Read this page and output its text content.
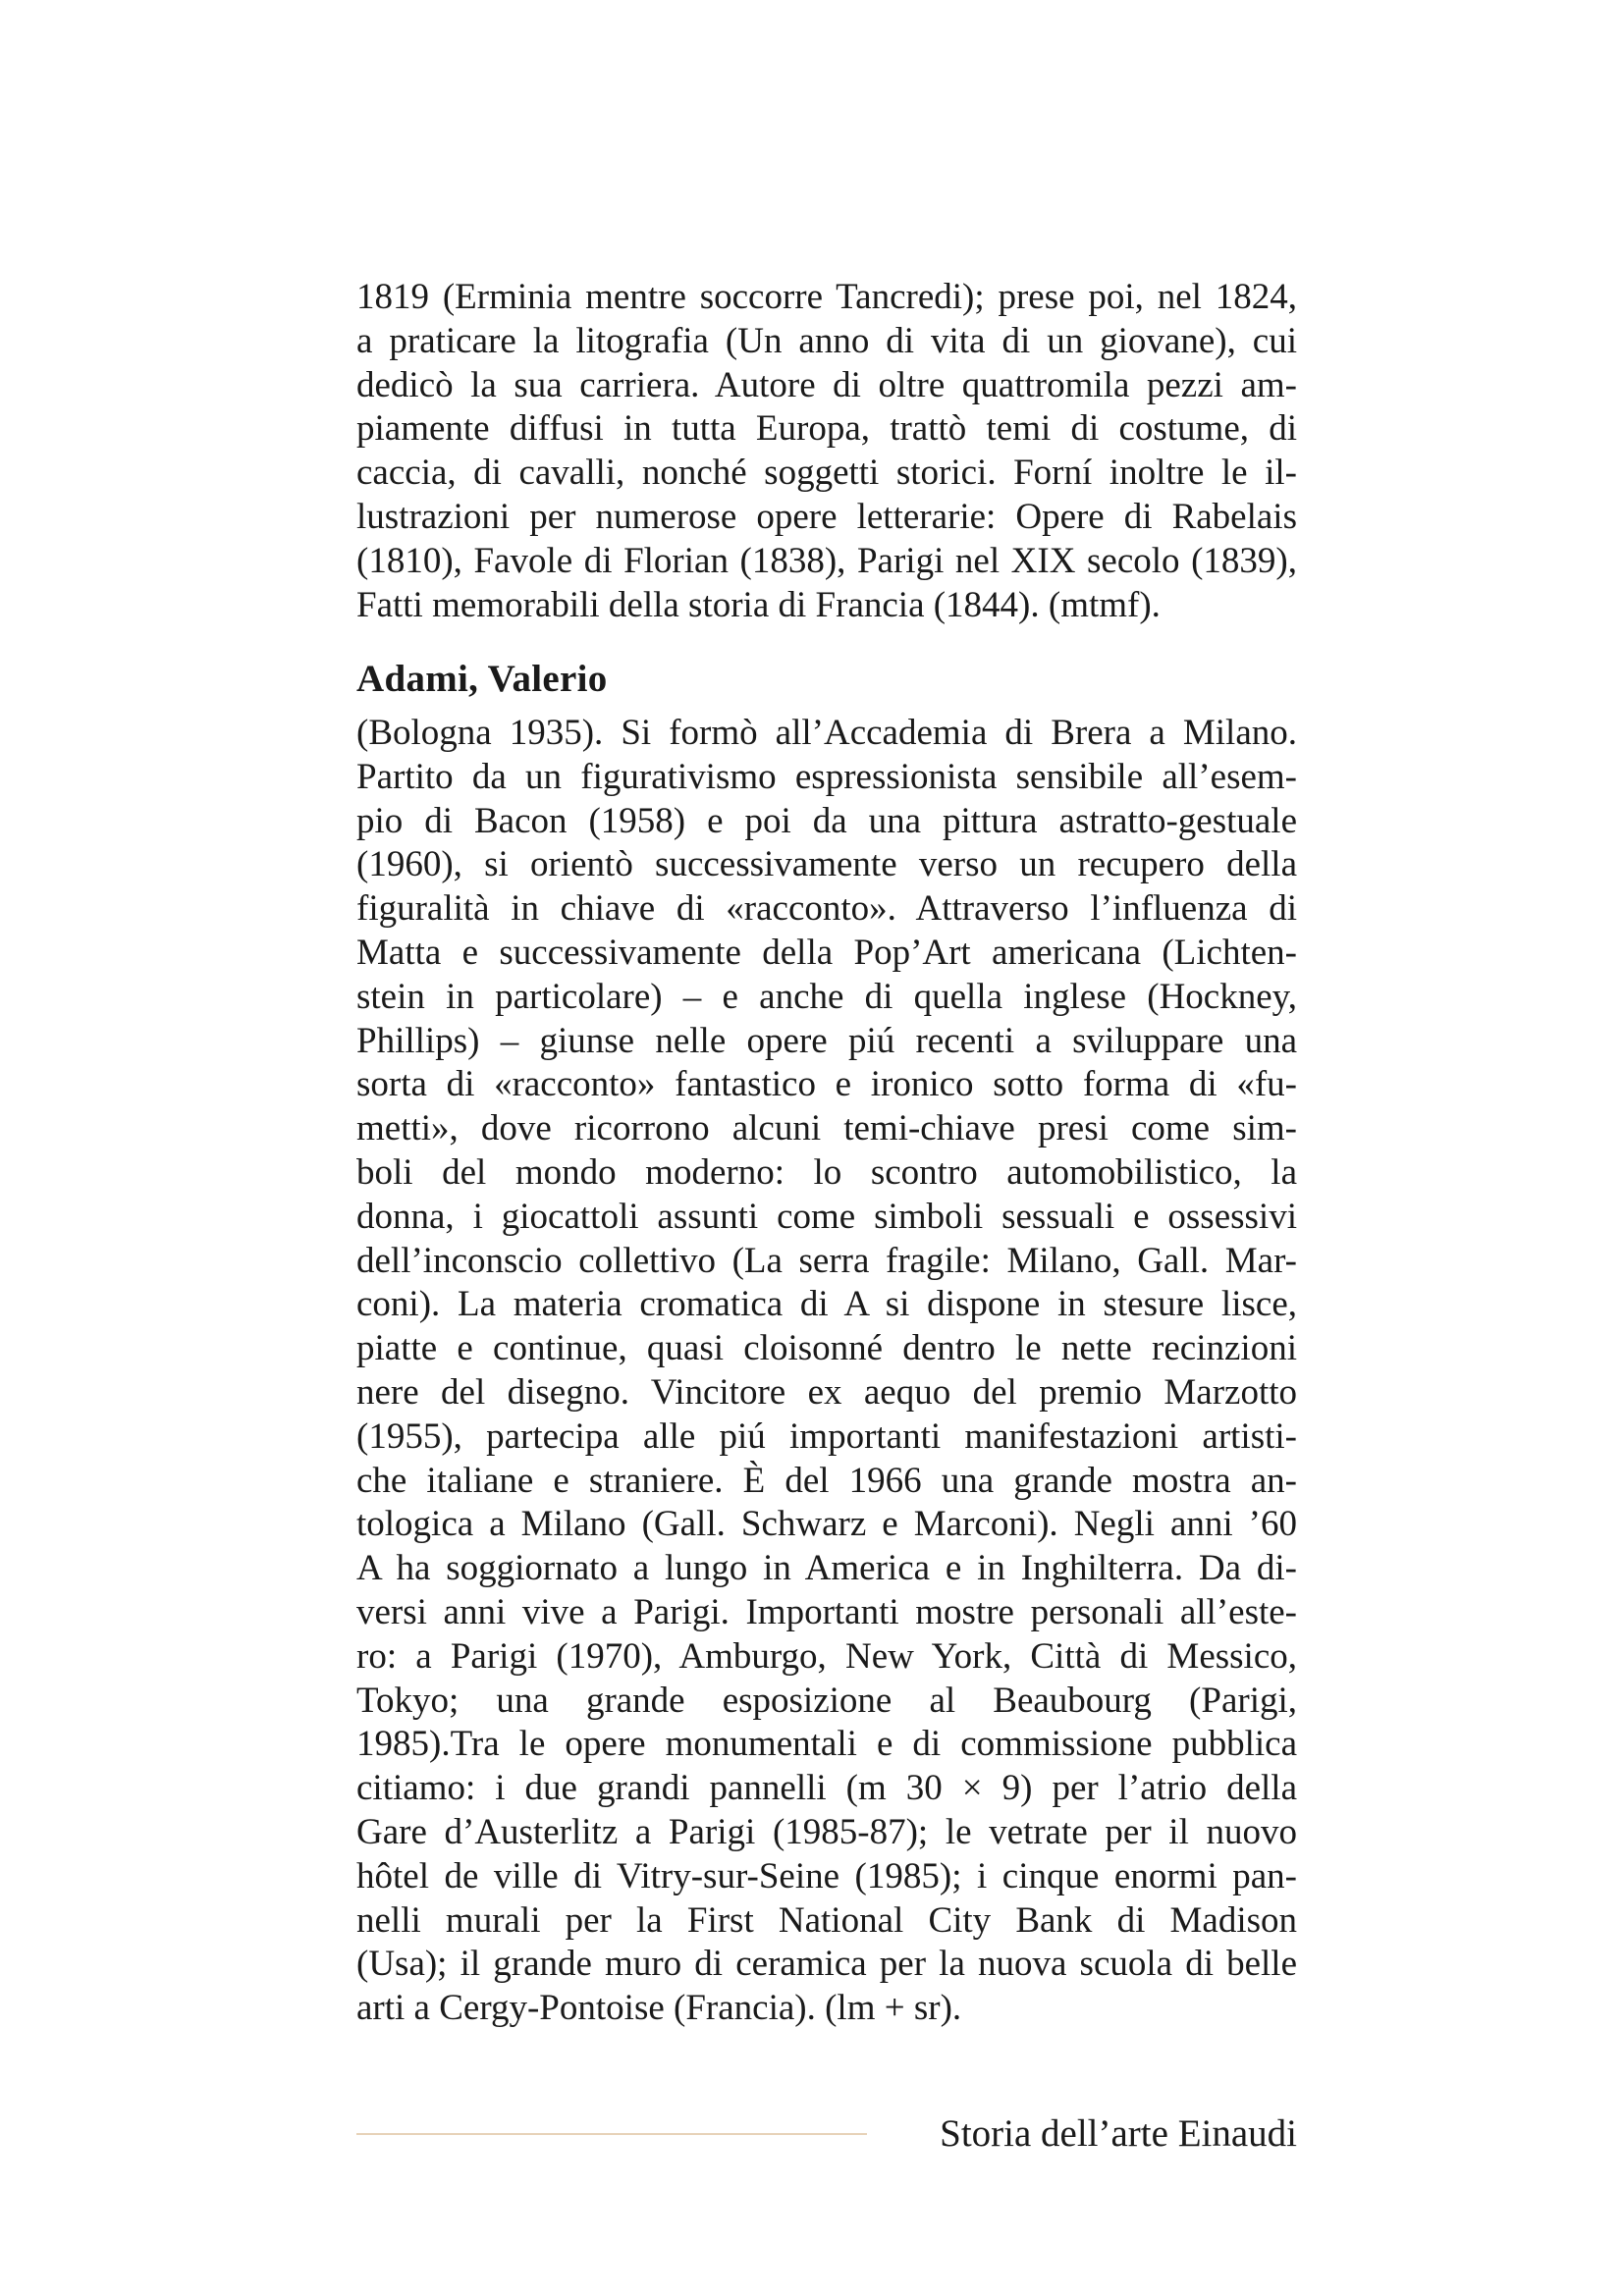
1819 (Erminia mentre soccorre Tancredi); prese poi, nel 1824,
a praticare la litografia (Un anno di vita di un giovane), cui
dedicò la sua carriera. Autore di oltre quattromila pezzi am-
piamente diffusi in tutta Europa, trattò temi di costume, di
caccia, di cavalli, nonché soggetti storici. Forní inoltre le il-
lustrazioni per numerose opere letterarie: Opere di Rabelais
(1810), Favole di Florian (1838), Parigi nel XIX secolo (1839),
Fatti memorabili della storia di Francia (1844). (mtmf).
Adami, Valerio
(Bologna 1935). Si formò all’Accademia di Brera a Milano.
Partito da un figurativismo espressionista sensibile all’esem-
pio di Bacon (1958) e poi da una pittura astratto-gestuale
(1960), si orientò successivamente verso un recupero della
figuralità in chiave di «racconto». Attraverso l’influenza di
Matta e successivamente della Pop’Art americana (Lichten-
stein in particolare) – e anche di quella inglese (Hockney,
Phillips) – giunse nelle opere piú recenti a sviluppare una
sorta di «racconto» fantastico e ironico sotto forma di «fu-
metti», dove ricorrono alcuni temi-chiave presi come sim-
boli del mondo moderno: lo scontro automobilistico, la
donna, i giocattoli assunti come simboli sessuali e ossessivi
dell’inconscio collettivo (La serra fragile: Milano, Gall. Mar-
coni). La materia cromatica di A si dispone in stesure lisce,
piatte e continue, quasi cloisonné dentro le nette recinzioni
nere del disegno. Vincitore ex aequo del premio Marzotto
(1955), partecipa alle piú importanti manifestazioni artisti-
che italiane e straniere. È del 1966 una grande mostra an-
tologica a Milano (Gall. Schwarz e Marconi). Negli anni ’60
A ha soggiornato a lungo in America e in Inghilterra. Da di-
versi anni vive a Parigi. Importanti mostre personali all’este-
ro: a Parigi (1970), Amburgo, New York, Città di Messico,
Tokyo; una grande esposizione al Beaubourg (Parigi,
1985).Tra le opere monumentali e di commissione pubblica
citiamo: i due grandi pannelli (m 30 × 9) per l’atrio della
Gare d’Austerlitz a Parigi (1985-87); le vetrate per il nuovo
hôtel de ville di Vitry-sur-Seine (1985); i cinque enormi pan-
nelli murali per la First National City Bank di Madison
(Usa); il grande muro di ceramica per la nuova scuola di belle
arti a Cergy-Pontoise (Francia). (lm + sr).
Storia dell’arte Einaudi
